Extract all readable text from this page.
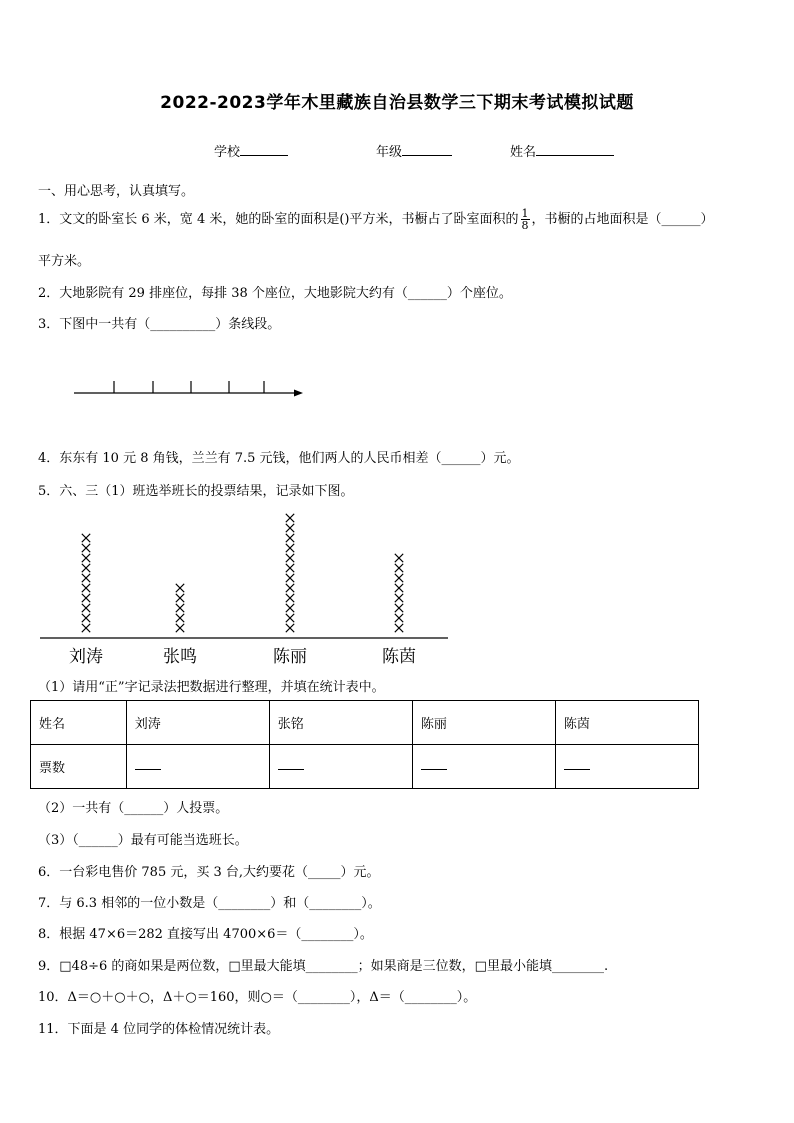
2022-2023学年木里藏族自治县数学三下期末考试模拟试题
学校	年级	姓名
一、用心思考，认真填写。
1．文文的卧室长 6 米，宽 4 米，她的卧室的面积是()平方米，书橱占了卧室面积的 $\frac{1}{8}$ ，书橱的占地面积是（______）
平方米。
2．大地影院有 29 排座位，每排 38 个座位，大地影院大约有（______）个座位。
3．下图中一共有（__________）条线段。
4．东东有 10 元 8 角钱，兰兰有 7.5 元钱，他们两人的人民币相差（______）元。
5．六、三（1）班选举班长的投票结果，记录如下图。
刘涛	张鸣	陈丽	陈茵
（1）请用“正”字记录法把数据进行整理，并填在统计表中。
姓名	刘涛	张铭	陈丽	陈茵
票数				
（2）一共有（______）人投票。
（3）（______）最有可能当选班长。
6．一台彩电售价 785 元，买 3 台,大约要花（_____）元。
7．与 6.3 相邻的一位小数是（________）和（________）。
8．根据 47×6＝282 直接写出 4700×6＝（________）。
9．□48÷6 的商如果是两位数，□里最大能填________；如果商是三位数，□里最小能填________.
10．Δ＝○＋○＋○，Δ＋○＝160，则○＝（________），Δ＝（________）。
11．下面是 4 位同学的体检情况统计表。
